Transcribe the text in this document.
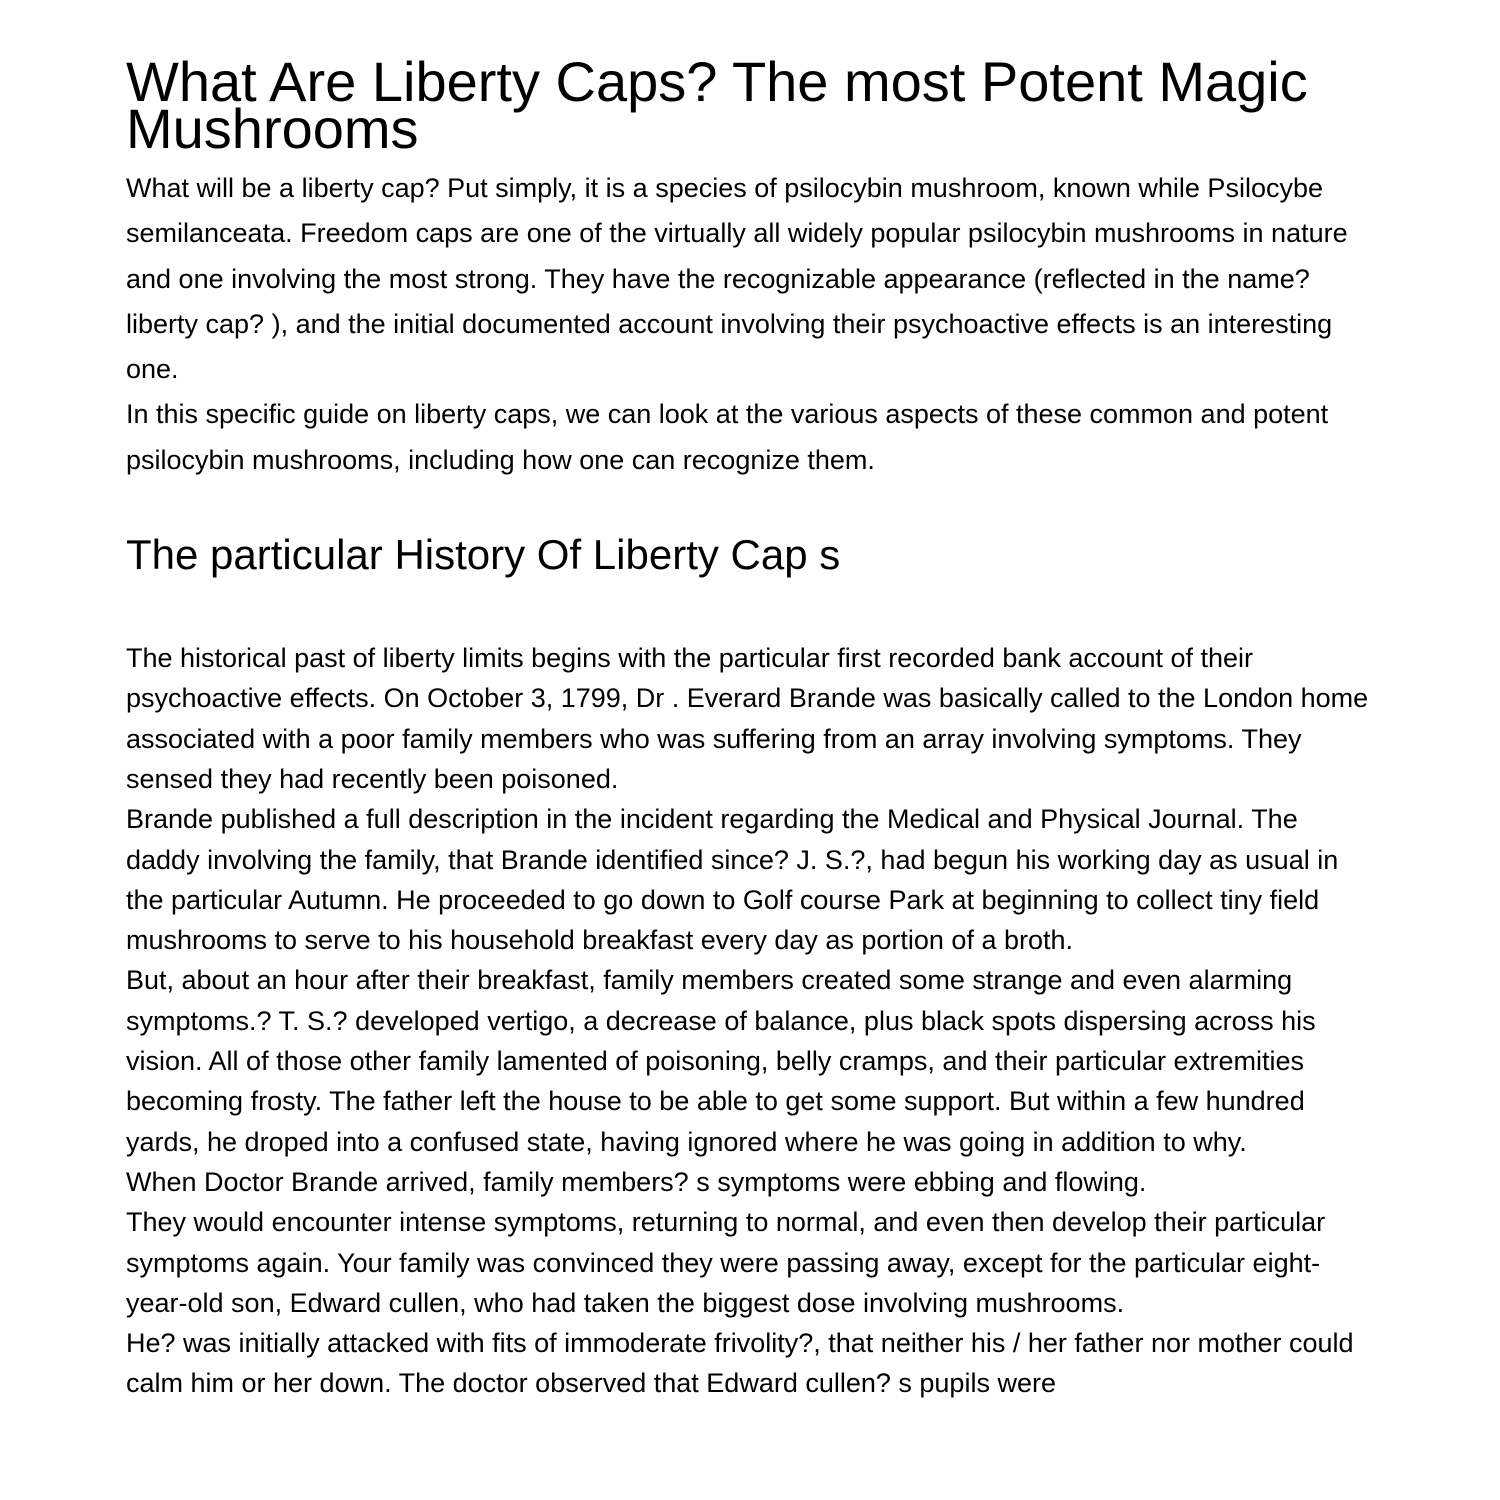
What Are Liberty Caps? The most Potent Magic Mushrooms

What will be a liberty cap? Put simply, it is a species of psilocybin mushroom, known while Psilocybe semilanceata. Freedom caps are one of the virtually all widely popular psilocybin mushrooms in nature and one involving the most strong. They have the recognizable appearance (reflected in the name? liberty cap? ), and the initial documented account involving their psychoactive effects is an interesting one.

In this specific guide on liberty caps, we can look at the various aspects of these common and potent psilocybin mushrooms, including how one can recognize them.

The particular History Of Liberty Cap s

The historical past of liberty limits begins with the particular first recorded bank account of their psychoactive effects. On October 3, 1799, Dr . Everard Brande was basically called to the London home associated with a poor family members who was suffering from an array involving symptoms. They sensed they had recently been poisoned.

Brande published a full description in the incident regarding the Medical and Physical Journal. The daddy involving the family, that Brande identified since? J. S.?, had begun his working day as usual in the particular Autumn. He proceeded to go down to Golf course Park at beginning to collect tiny field mushrooms to serve to his household breakfast every day as portion of a broth.

But, about an hour after their breakfast, family members created some strange and even alarming symptoms.? T. S.? developed vertigo, a decrease of balance, plus black spots dispersing across his vision. All of those other family lamented of poisoning, belly cramps, and their particular extremities becoming frosty. The father left the house to be able to get some support. But within a few hundred yards, he droped into a confused state, having ignored where he was going in addition to why.

When Doctor Brande arrived, family members? s symptoms were ebbing and flowing.

They would encounter intense symptoms, returning to normal, and even then develop their particular symptoms again. Your family was convinced they were passing away, except for the particular eight-year-old son, Edward cullen, who had taken the biggest dose involving mushrooms.

He? was initially attacked with fits of immoderate frivolity?, that neither his / her father nor mother could calm him or her down. The doctor observed that Edward cullen? s pupils were
